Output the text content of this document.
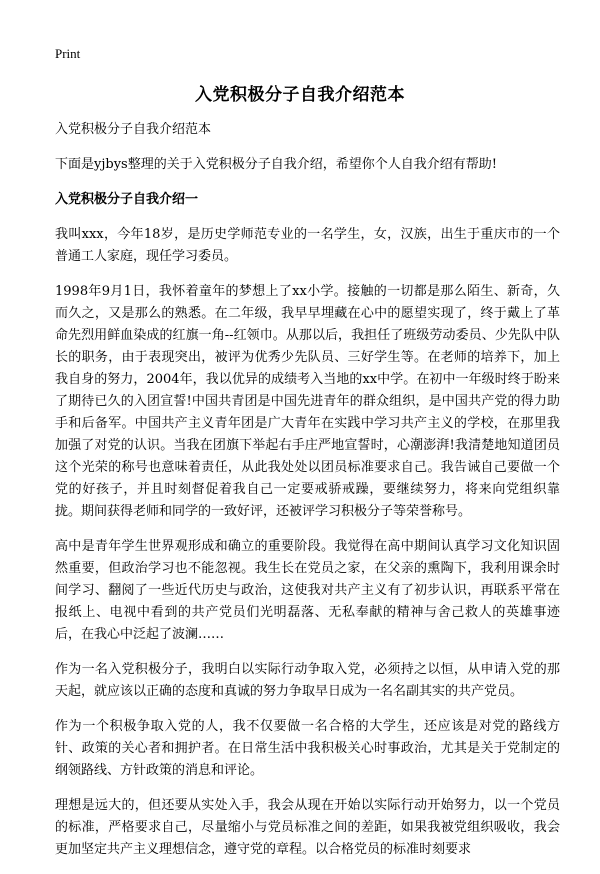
Print
入党积极分子自我介绍范本

入党积极分子自我介绍范本

下面是yjbys整理的关于入党积极分子自我介绍，希望你个人自我介绍有帮助!

入党积极分子自我介绍一

我叫xxx，今年18岁，是历史学师范专业的一名学生，女，汉族，出生于重庆市的一个普通工人家庭，现任学习委员。

1998年9月1日，我怀着童年的梦想上了xx小学。接触的一切都是那么陌生、新奇，久而久之，又是那么的熟悉。在二年级，我早早埋藏在心中的愿望实现了，终于戴上了革命先烈用鲜血染成的红旗一角--红领巾。从那以后，我担任了班级劳动委员、少先队中队长的职务，由于表现突出，被评为优秀少先队员、三好学生等。在老师的培养下，加上我自身的努力，2004年，我以优异的成绩考入当地的xx中学。在初中一年级时终于盼来了期待已久的入团宣誓!中国共青团是中国先进青年的群众组织，是中国共产党的得力助手和后备军。中国共产主义青年团是广大青年在实践中学习共产主义的学校，在那里我加强了对党的认识。当我在团旗下举起右手庄严地宣誓时，心潮澎湃!我清楚地知道团员这个光荣的称号也意味着责任，从此我处处以团员标准要求自己。我告诫自己要做一个党的好孩子，并且时刻督促着我自己一定要戒骄戒躁，要继续努力，将来向党组织靠拢。期间获得老师和同学的一致好评，还被评学习积极分子等荣誉称号。

高中是青年学生世界观形成和确立的重要阶段。我觉得在高中期间认真学习文化知识固然重要，但政治学习也不能忽视。我生长在党员之家，在父亲的熏陶下，我利用课余时间学习、翻阅了一些近代历史与政治，这使我对共产主义有了初步认识，再联系平常在报纸上、电视中看到的共产党员们光明磊落、无私奉献的精神与舍己救人的英雄事迹后，在我心中泛起了波澜……

作为一名入党积极分子，我明白以实际行动争取入党，必须持之以恒，从申请入党的那天起，就应该以正确的态度和真诚的努力争取早日成为一名名副其实的共产党员。

作为一个积极争取入党的人，我不仅要做一名合格的大学生，还应该是对党的路线方针、政策的关心者和拥护者。在日常生活中我积极关心时事政治，尤其是关于党制定的纲领路线、方针政策的消息和评论。

理想是远大的，但还要从实处入手，我会从现在开始以实际行动开始努力，以一个党员的标准，严格要求自己，尽量缩小与党员标准之间的差距，如果我被党组织吸收，我会更加坚定共产主义理想信念，遵守党的章程。以合格党员的标准时刻要求
